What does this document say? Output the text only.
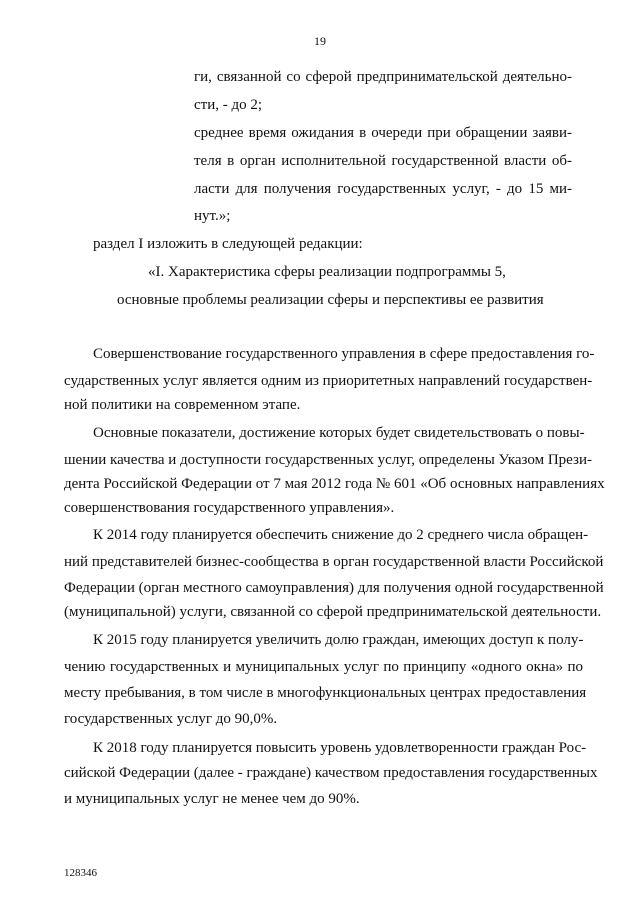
19
ги, связанной со сферой предпринимательской деятельно-
сти, - до 2;
среднее время ожидания в очереди при обращении заяви-
теля в орган исполнительной государственной власти об-
ласти для получения государственных услуг, - до 15 ми-
нут.»;
раздел I изложить в следующей редакции:
«I. Характеристика сферы реализации подпрограммы 5,
основные проблемы реализации сферы и перспективы ее развития
Совершенствование государственного управления в сфере предоставления го-
сударственных услуг является одним из приоритетных направлений государствен-
ной политики на современном этапе.
Основные показатели, достижение которых будет свидетельствовать о повы-
шении качества и доступности государственных услуг, определены Указом Прези-
дента Российской Федерации от 7 мая 2012 года № 601 «Об основных направлениях
совершенствования государственного управления».
К 2014 году планируется обеспечить снижение до 2 среднего числа обращен-
ний представителей бизнес-сообщества в орган государственной власти Российской
Федерации (орган местного самоуправления) для получения одной государственной
(муниципальной) услуги, связанной со сферой предпринимательской деятельности.
К 2015 году планируется увеличить долю граждан, имеющих доступ к полу-
чению государственных и муниципальных услуг по принципу «одного окна» по
месту пребывания, в том числе в многофункциональных центрах предоставления
государственных услуг до 90,0%.
К 2018 году планируется повысить уровень удовлетворенности граждан Рос-
сийской Федерации (далее - граждане) качеством предоставления государственных
и муниципальных услуг не менее чем до 90%.
128346
